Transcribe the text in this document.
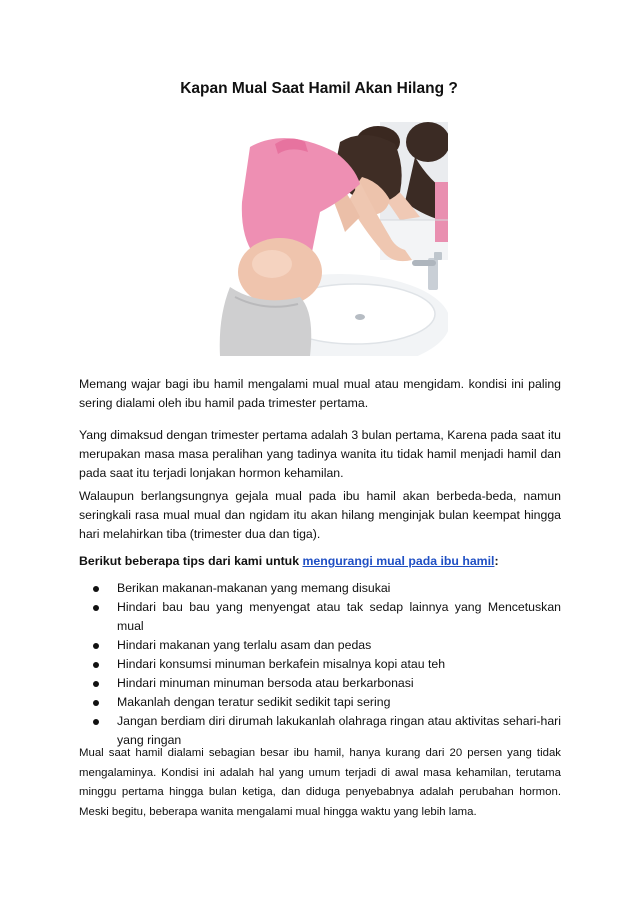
Kapan Mual Saat Hamil Akan Hilang ?
Memang wajar bagi ibu hamil mengalami mual mual atau mengidam. kondisi ini paling sering dialami oleh ibu hamil pada trimester pertama.
Yang dimaksud dengan trimester pertama adalah 3 bulan pertama, Karena pada saat itu merupakan masa masa peralihan yang tadinya wanita itu tidak hamil menjadi hamil dan pada saat itu terjadi lonjakan hormon kehamilan.
Walaupun berlangsungnya gejala mual pada ibu hamil akan berbeda-beda, namun seringkali rasa mual mual dan ngidam itu akan hilang menginjak bulan keempat hingga hari melahirkan tiba (trimester dua dan tiga).
Berikut beberapa tips dari kami untuk mengurangi mual pada ibu hamil:
Berikan makanan-makanan yang memang disukai
Hindari bau bau yang menyengat atau tak sedap lainnya yang Mencetuskan mual
Hindari makanan yang terlalu asam dan pedas
Hindari konsumsi minuman berkafein misalnya kopi atau teh
Hindari minuman minuman bersoda atau berkarbonasi
Makanlah dengan teratur sedikit sedikit tapi sering
Jangan berdiam diri dirumah lakukanlah olahraga ringan atau aktivitas sehari-hari yang ringan
Mual saat hamil dialami sebagian besar ibu hamil, hanya kurang dari 20 persen yang tidak mengalaminya. Kondisi ini adalah hal yang umum terjadi di awal masa kehamilan, terutama minggu pertama hingga bulan ketiga, dan diduga penyebabnya adalah perubahan hormon. Meski begitu, beberapa wanita mengalami mual hingga waktu yang lebih lama.
